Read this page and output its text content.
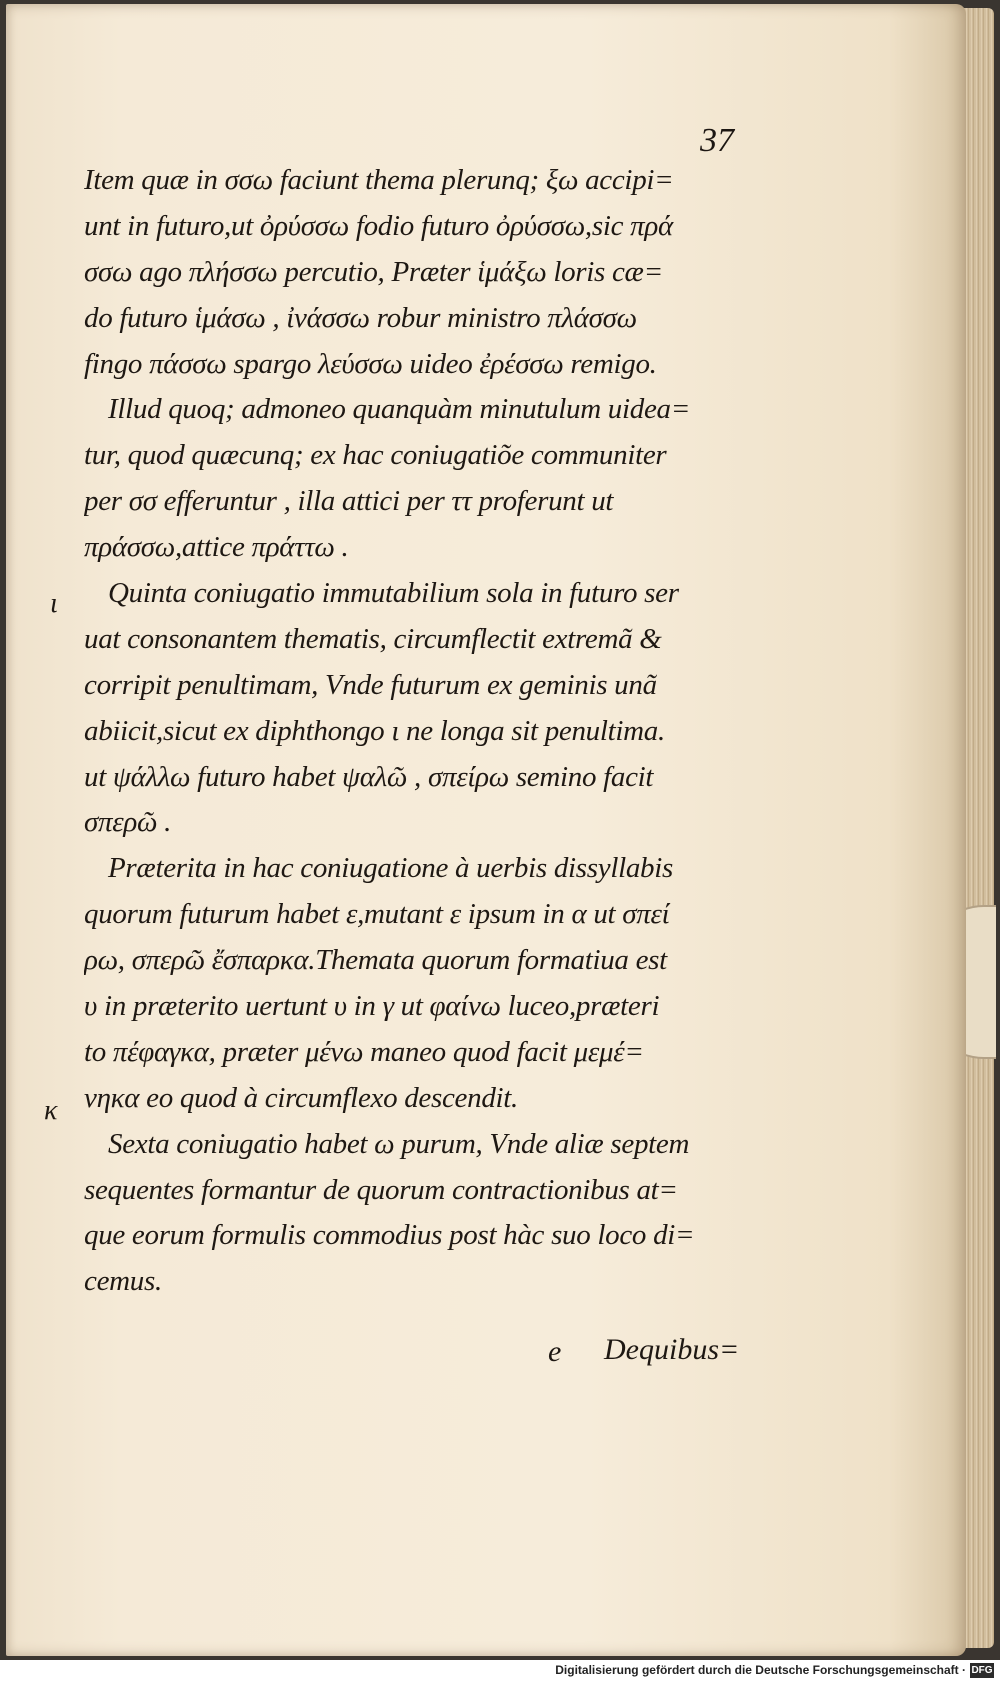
37
Item quæ in σσω faciunt thema plerunq; ξω accipi=
unt in futuro,ut ὀρύσσω fodio futuro ὀρύσσω,sic πρά
σσω ago πλήσσω percutio, Præter ἱμάξω loris cæ=
do futuro ἱμάσω , ἰνάσσω robur ministro πλάσσω
fingo πάσσω spargo λεύσσω uideo ἐρέσσω remigo.
Illud quoq; admoneo quanquàm minutulum uidea=
tur, quod quæcunq; ex hac coniugatiõe communiter
per σσ efferuntur , illa attici per ττ proferunt ut
πράσσω,attice πράττω .
Quinta coniugatio immutabilium sola in futuro ser
uat consonantem thematis, circumflectit extremã &
corripit penultimam, Vnde futurum ex geminis unã
abiicit,sicut ex diphthongo ι ne longa sit penultima.
ut ψάλλω futuro habet ψαλῶ , σπείρω semino facit
σπερῶ .
Præterita in hac coniugatione à uerbis dissyllabis
quorum futurum habet ε,mutant ε ipsum in α ut σπεί
ρω, σπερῶ ἔσπαρκα.Themata quorum formatiua est
υ in præterito uertunt υ in γ ut φαίνω luceo,præteri
to πέφαγκα, præter μένω maneo quod facit μεμέ=
νηκα eo quod à circumflexo descendit.
Sexta coniugatio habet ω purum, Vnde aliæ septem
sequentes formantur de quorum contractionibus at=
que eorum formulis commodius post hàc suo loco di=
cemus.
ι
κ
e Dequibus=
Digitalisierung gefördert durch die Deutsche Forschungsgemeinschaft · DFG
